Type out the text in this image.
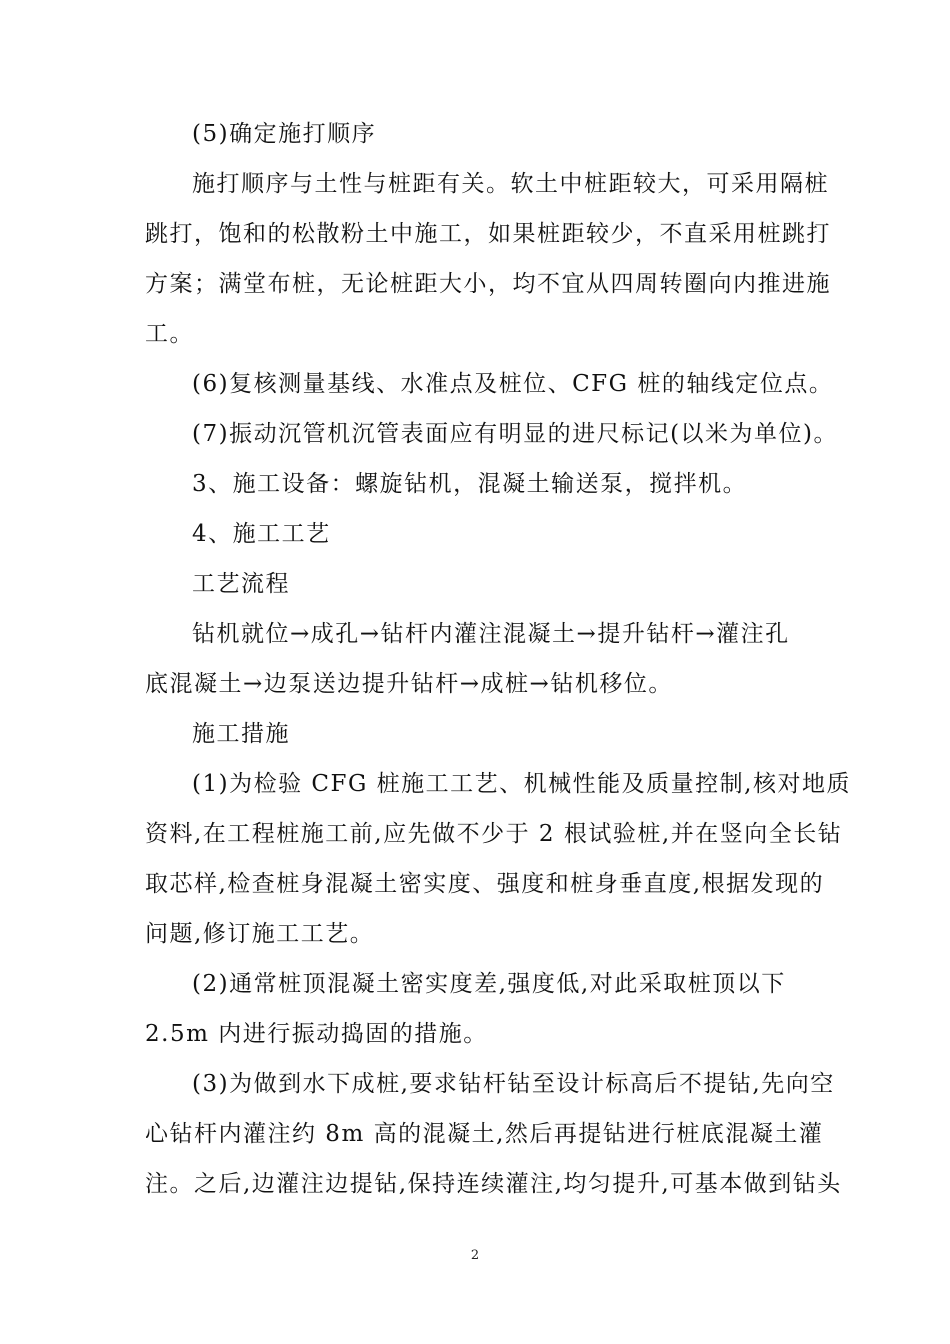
(5)确定施打顺序
施打顺序与土性与桩距有关。软土中桩距较大，可采用隔桩
跳打，饱和的松散粉土中施工，如果桩距较少，不直采用桩跳打
方案；满堂布桩，无论桩距大小，均不宜从四周转圈向内推进施
工。
(6)复核测量基线、水准点及桩位、CFG 桩的轴线定位点。
(7)振动沉管机沉管表面应有明显的进尺标记(以米为单位)。
3、施工设备：螺旋钻机，混凝土输送泵，搅拌机。
4、施工工艺
工艺流程
钻机就位→成孔→钻杆内灌注混凝土→提升钻杆→灌注孔
底混凝土→边泵送边提升钻杆→成桩→钻机移位。
施工措施
(1)为检验 CFG 桩施工工艺、机械性能及质量控制,核对地质
资料,在工程桩施工前,应先做不少于 2 根试验桩,并在竖向全长钻
取芯样,检查桩身混凝土密实度、强度和桩身垂直度,根据发现的
问题,修订施工工艺。
(2)通常桩顶混凝土密实度差,强度低,对此采取桩顶以下
2.5m 内进行振动捣固的措施。
(3)为做到水下成桩,要求钻杆钻至设计标高后不提钻,先向空
心钻杆内灌注约 8m 高的混凝土,然后再提钻进行桩底混凝土灌
注。之后,边灌注边提钻,保持连续灌注,均匀提升,可基本做到钻头
2
